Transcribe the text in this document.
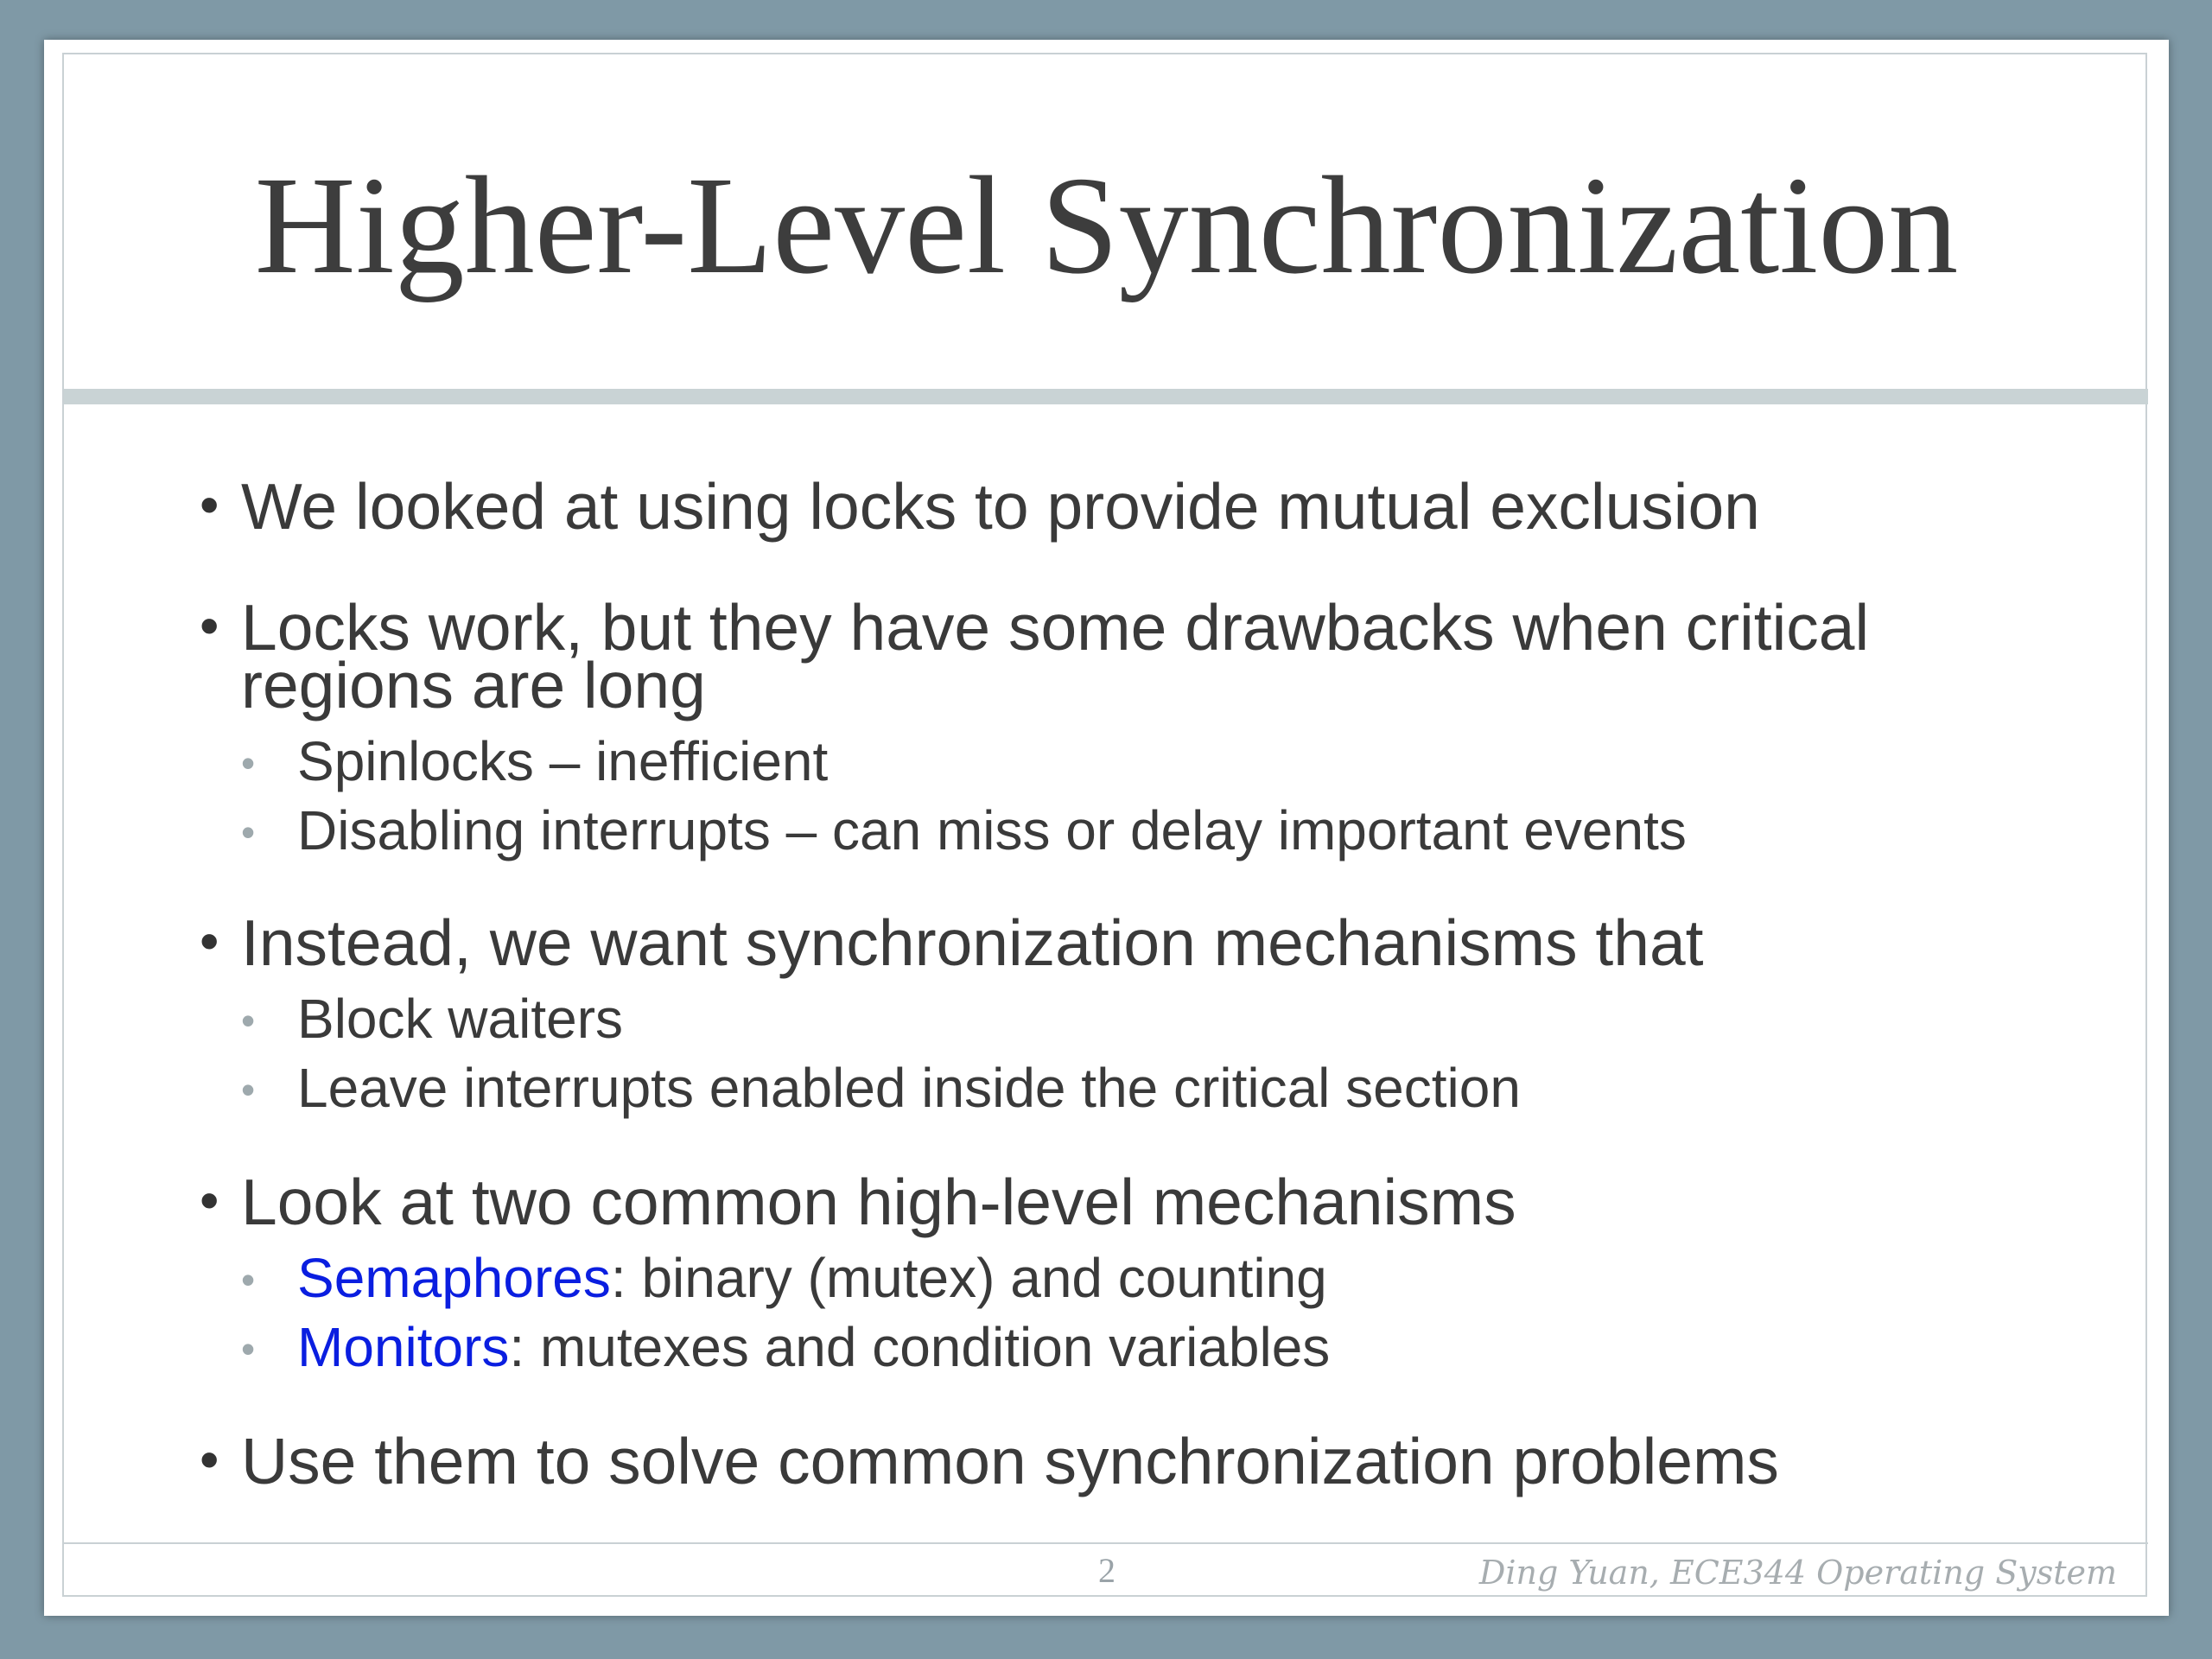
Higher-Level Synchronization
• We looked at using locks to provide mutual exclusion
• Locks work, but they have some drawbacks when critical
regions are long
• Spinlocks – inefficient
• Disabling interrupts – can miss or delay important events
• Instead, we want synchronization mechanisms that
• Block waiters
• Leave interrupts enabled inside the critical section
• Look at two common high-level mechanisms
• Semaphores: binary (mutex) and counting
• Monitors: mutexes and condition variables
• Use them to solve common synchronization problems
2	Ding Yuan, ECE344 Operating System
